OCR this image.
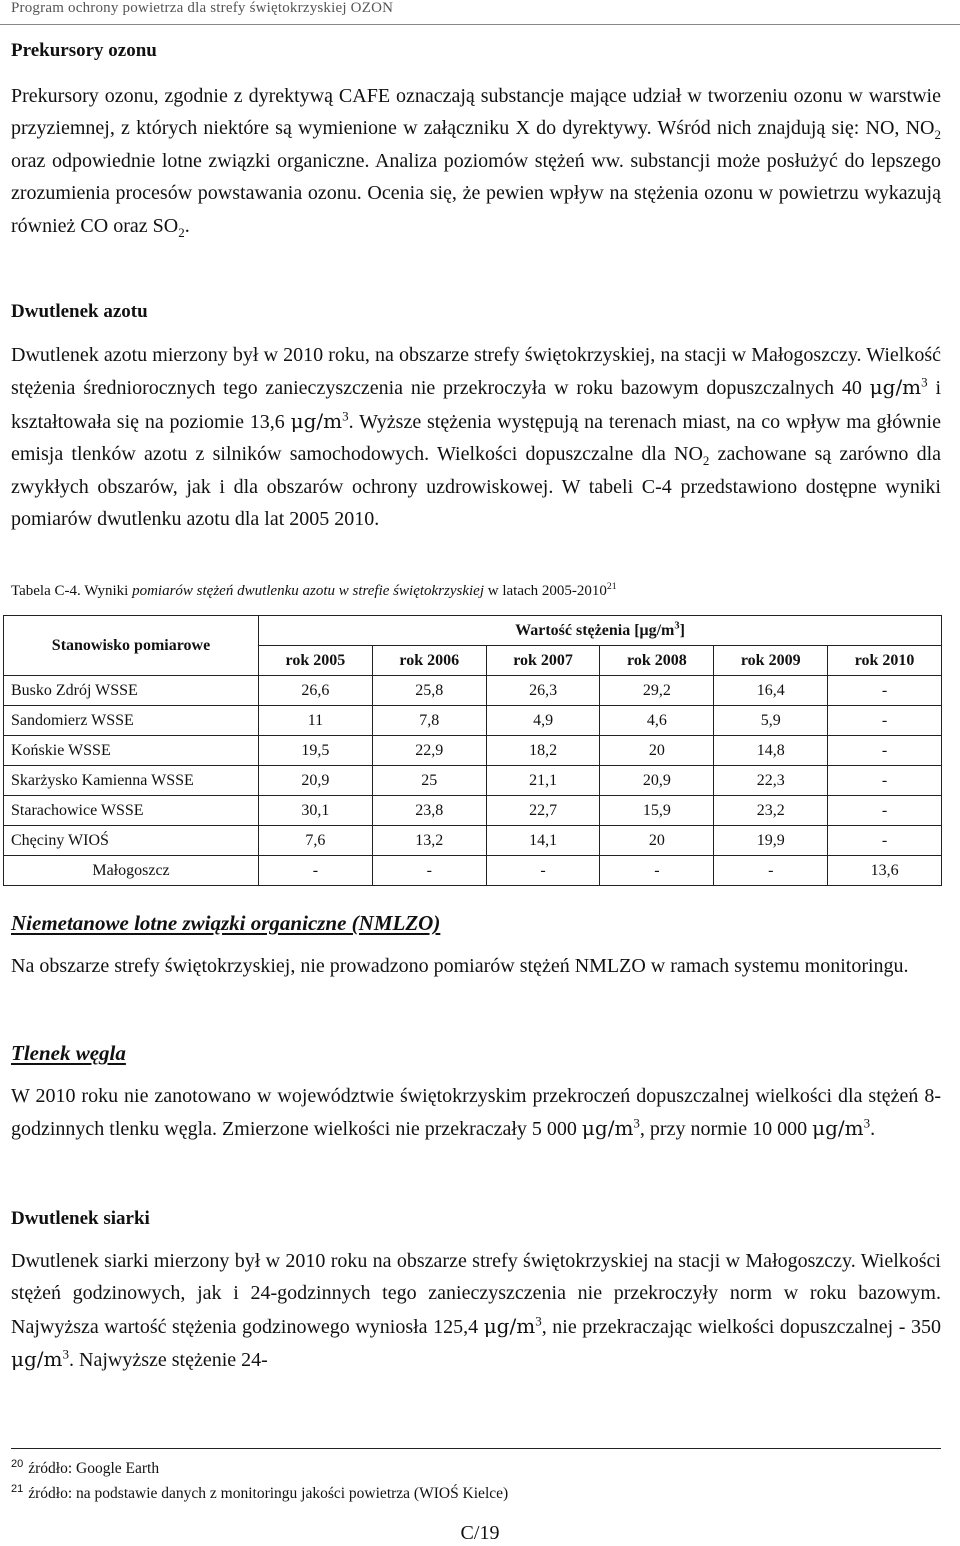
Program ochrony powietrza dla strefy świętokrzyskiej OZON
Prekursory ozonu
Prekursory ozonu, zgodnie z dyrektywą CAFE oznaczają substancje mające udział w tworzeniu ozonu w warstwie przyziemnej, z których niektóre są wymienione w załączniku X do dyrektywy. Wśród nich znajdują się: NO, $NO_2$ oraz odpowiednie lotne związki organiczne. Analiza poziomów stężeń ww. substancji może posłużyć do lepszego zrozumienia procesów powstawania ozonu. Ocenia się, że pewien wpływ na stężenia ozonu w powietrzu wykazują również CO oraz $SO_2$.
Dwutlenek azotu
Dwutlenek azotu mierzony był w 2010 roku, na obszarze strefy świętokrzyskiej, na stacji w Małogoszczy. Wielkość stężenia średniorocznych tego zanieczyszczenia nie przekroczyła w roku bazowym dopuszczalnych 40 $\mu g/m^3$ i kształtowała się na poziomie 13,6 $\mu g/m^3$. Wyższe stężenia występują na terenach miast, na co wpływ ma głównie emisja tlenków azotu z silników samochodowych. Wielkości dopuszczalne dla $NO_2$ zachowane są zarówno dla zwykłych obszarów, jak i dla obszarów ochrony uzdrowiskowej. W tabeli C-4 przedstawiono dostępne wyniki pomiarów dwutlenku azotu dla lat 2005 2010.
Tabela C-4. Wyniki pomiarów stężeń dwutlenku azotu w strefie świętokrzyskiej w latach 2005-2010$^{21}$
Stanowisko pomiarowe	Wartość stężenia $[\mu g/m^3]$					
	rok 2005	rok 2006	rok 2007	rok 2008	rok 2009	rok 2010
Busko Zdrój WSSE	26,6	25,8	26,3	29,2	16,4	-
Sandomierz WSSE	11	7,8	4,9	4,6	5,9	-
Końskie WSSE	19,5	22,9	18,2	20	14,8	-
Skarżysko Kamienna WSSE	20,9	25	21,1	20,9	22,3	-
Starachowice WSSE	30,1	23,8	22,7	15,9	23,2	-
Chęciny WIOŚ	7,6	13,2	14,1	20	19,9	-
Małogoszcz	-	-	-	-	-	13,6
Niemetanowe lotne związki organiczne (NMLZO)
Na obszarze strefy świętokrzyskiej, nie prowadzono pomiarów stężeń NMLZO w ramach systemu monitoringu.
Tlenek węgla
W 2010 roku nie zanotowano w województwie świętokrzyskim przekroczeń dopuszczalnej wielkości dla stężeń 8-godzinnych tlenku węgla. Zmierzone wielkości nie przekraczały 5 000 $\mu g/m^3$, przy normie 10 000 $\mu g/m^3$.
Dwutlenek siarki
Dwutlenek siarki mierzony był w 2010 roku na obszarze strefy świętokrzyskiej na stacji w Małogoszczy. Wielkości stężeń godzinowych, jak i 24-godzinnych tego zanieczyszczenia nie przekroczyły norm w roku bazowym. Najwyższa wartość stężenia godzinowego wyniosła 125,4 $\mu g/m^3$, nie przekraczając wielkości dopuszczalnej - 350 $\mu g/m^3$. Najwyższe stężenie 24-
$^{20}$ źródło: Google Earth
$^{21}$ źródło: na podstawie danych z monitoringu jakości powietrza (WIOŚ Kielce)
C/19
